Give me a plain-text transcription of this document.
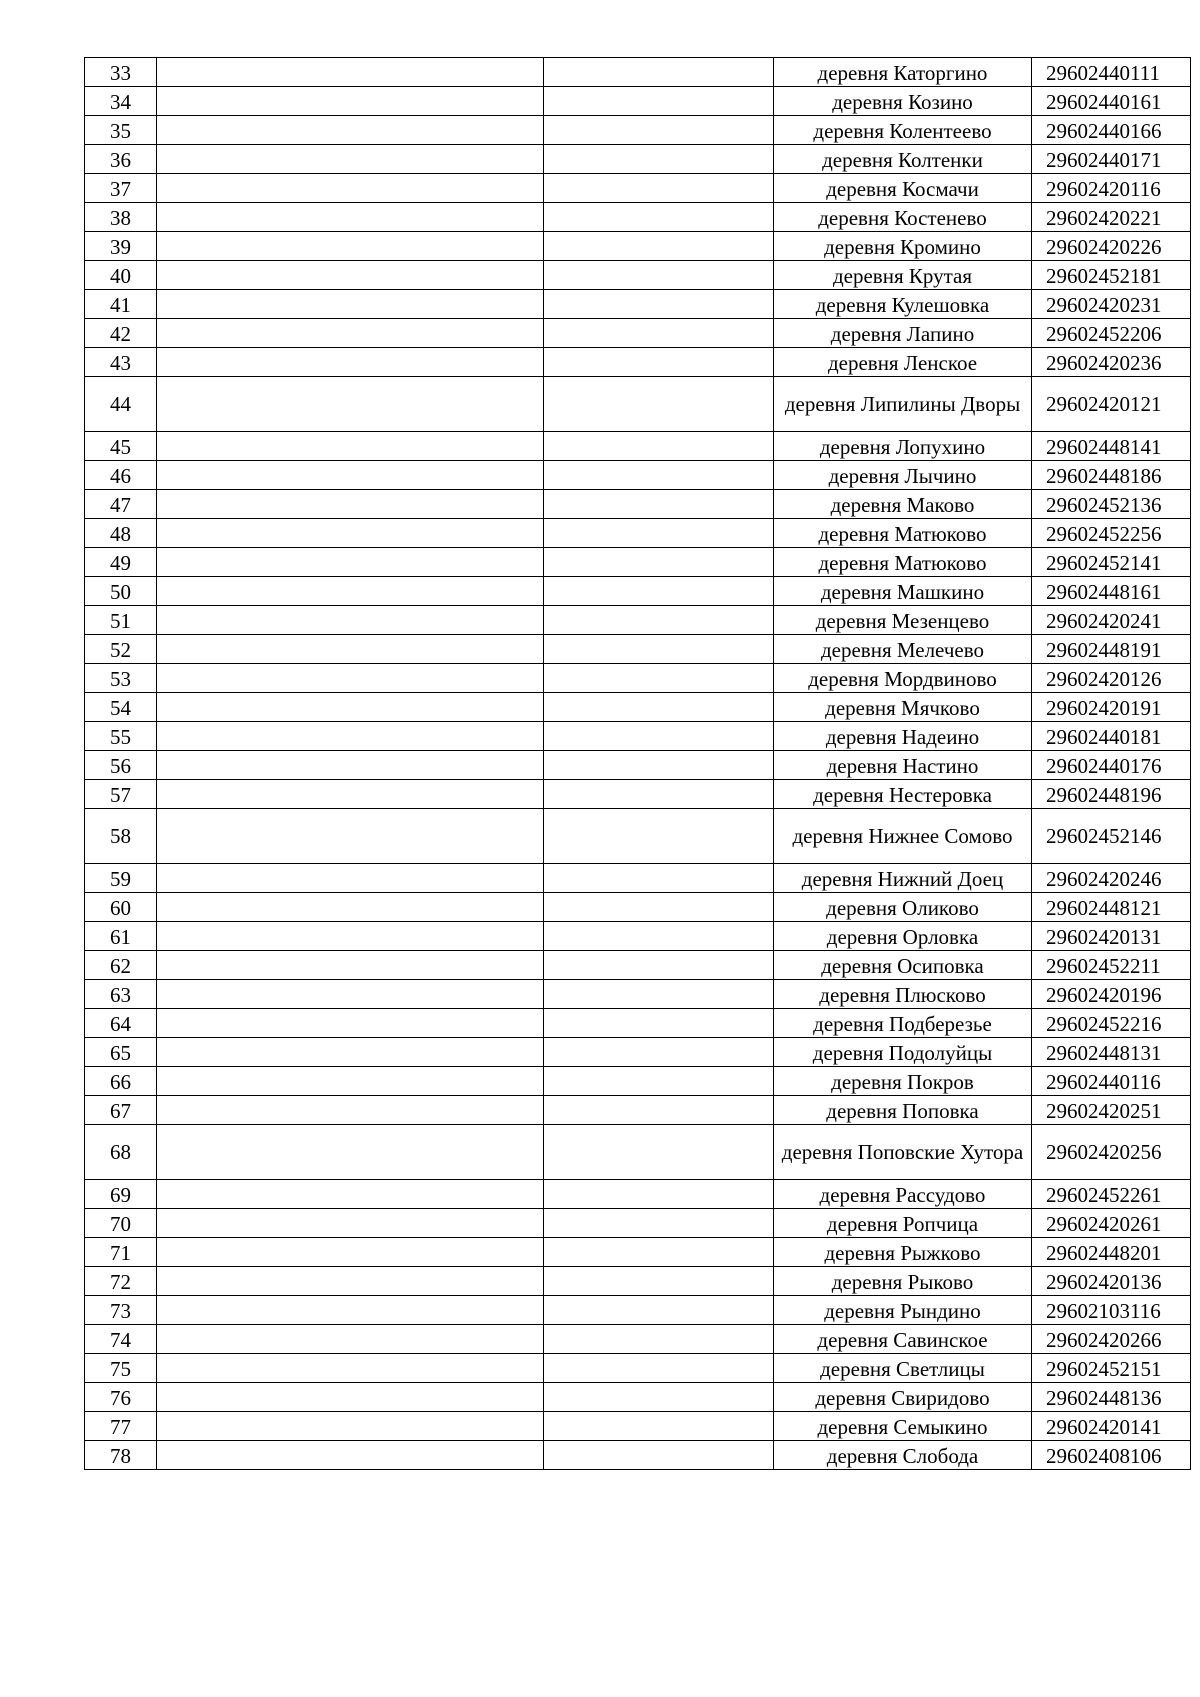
33			деревня Каторгино	29602440111
34			деревня Козино	29602440161
35			деревня Колентеево	29602440166
36			деревня Колтенки	29602440171
37			деревня Космачи	29602420116
38			деревня Костенево	29602420221
39			деревня Кромино	29602420226
40			деревня Крутая	29602452181
41			деревня Кулешовка	29602420231
42			деревня Лапино	29602452206
43			деревня Ленское	29602420236
44			деревня Липилины Дворы	29602420121
45			деревня Лопухино	29602448141
46			деревня Лычино	29602448186
47			деревня Маково	29602452136
48			деревня Матюково	29602452256
49			деревня Матюково	29602452141
50			деревня Машкино	29602448161
51			деревня Мезенцево	29602420241
52			деревня Мелечево	29602448191
53			деревня Мордвиново	29602420126
54			деревня Мячково	29602420191
55			деревня Надеино	29602440181
56			деревня Настино	29602440176
57			деревня Нестеровка	29602448196
58			деревня Нижнее Сомово	29602452146
59			деревня Нижний Доец	29602420246
60			деревня Оликово	29602448121
61			деревня Орловка	29602420131
62			деревня Осиповка	29602452211
63			деревня Плюсково	29602420196
64			деревня Подберезье	29602452216
65			деревня Подолуйцы	29602448131
66			деревня Покров	29602440116
67			деревня Поповка	29602420251
68			деревня Поповские Хутора	29602420256
69			деревня Рассудово	29602452261
70			деревня Ропчица	29602420261
71			деревня Рыжково	29602448201
72			деревня Рыково	29602420136
73			деревня Рындино	29602103116
74			деревня Савинское	29602420266
75			деревня Светлицы	29602452151
76			деревня Свиридово	29602448136
77			деревня Семыкино	29602420141
78			деревня Слобода	29602408106
